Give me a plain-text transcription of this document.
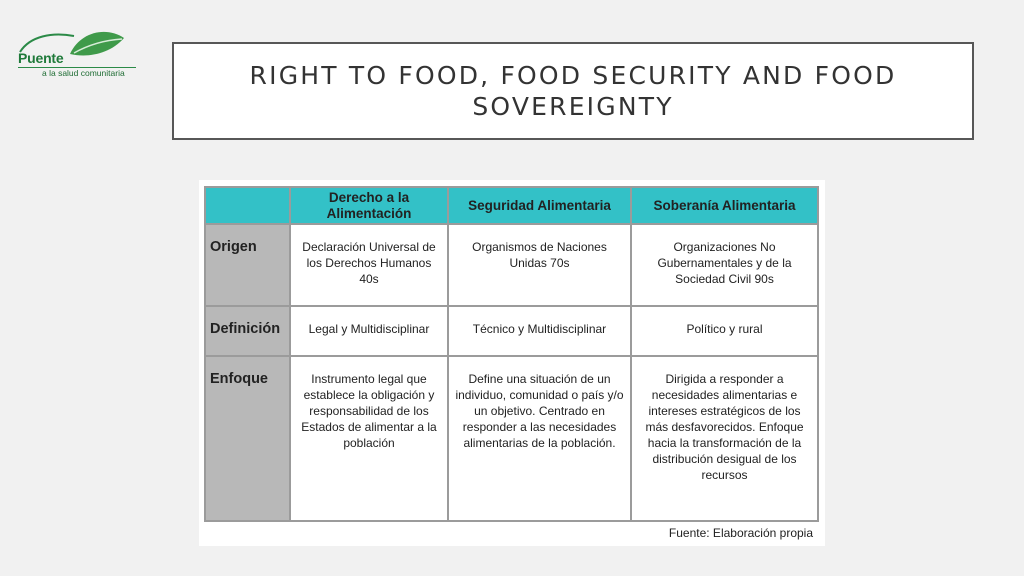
Puente
a la salud comunitaria	RIGHT TO FOOD, FOOD SECURITY AND FOOD SOVEREIGNTY
	Derecho a la Alimentación	Seguridad Alimentaria	Soberanía Alimentaria
Origen	Declaración Universal de los Derechos Humanos 40s	Organismos de Naciones Unidas 70s	Organizaciones No Gubernamentales y de la Sociedad Civil 90s
Definición	Legal y Multidisciplinar	Técnico y Multidisciplinar	Político y rural
Enfoque	Instrumento legal que establece la obligación y responsabilidad de los Estados de alimentar a la población	Define una situación de un individuo, comunidad o país y/o un objetivo. Centrado en responder a las necesidades alimentarias de la población.	Dirigida a responder a necesidades alimentarias e intereses estratégicos de los más desfavorecidos. Enfoque hacia la transformación de la distribución desigual de los recursos
Fuente: Elaboración propia
